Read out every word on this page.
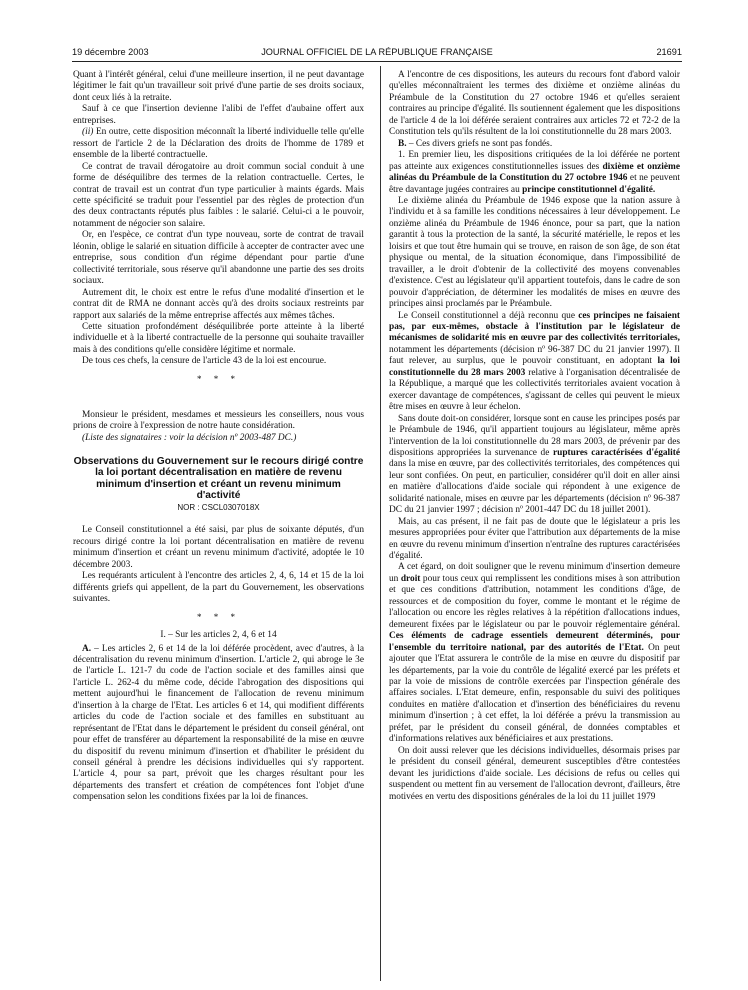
19 décembre 2003	JOURNAL OFFICIEL DE LA RÉPUBLIQUE FRANÇAISE	21691

Quant à l'intérêt général, celui d'une meilleure insertion, il ne peut davantage légitimer le fait qu'un travailleur soit privé d'une partie de ses droits sociaux, dont ceux liés à la retraite.

Sauf à ce que l'insertion devienne l'alibi de l'effet d'aubaine offert aux entreprises.

(ii) En outre, cette disposition méconnaît la liberté individuelle telle qu'elle ressort de l'article 2 de la Déclaration des droits de l'homme de 1789 et ensemble de la liberté contractuelle.

Ce contrat de travail dérogatoire au droit commun social conduit à une forme de déséquilibre des termes de la relation contractuelle. Certes, le contrat de travail est un contrat d'un type particulier à maints égards. Mais cette spécificité se traduit pour l'essentiel par des règles de protection d'un des deux contractants réputés plus faibles : le salarié. Celui-ci a le pouvoir, notamment de négocier son salaire.

Or, en l'espèce, ce contrat d'un type nouveau, sorte de contrat de travail léonin, oblige le salarié en situation difficile à accepter de contracter avec une entreprise, sous condition d'un régime dépendant pour partie d'une collectivité territoriale, sous réserve qu'il abandonne une partie des ses droits sociaux.

Autrement dit, le choix est entre le refus d'une modalité d'insertion et le contrat dit de RMA ne donnant accès qu'à des droits sociaux restreints par rapport aux salariés de la même entreprise affectés aux mêmes tâches.

Cette situation profondément déséquilibrée porte atteinte à la liberté individuelle et à la liberté contractuelle de la personne qui souhaite travailler mais à des conditions qu'elle considère légitime et normale.

De tous ces chefs, la censure de l'article 43 de la loi est encourue.

* * *

Monsieur le président, mesdames et messieurs les conseillers, nous vous prions de croire à l'expression de notre haute considération.

(Liste des signataires : voir la décision nº 2003-487 DC.)

Observations du Gouvernement sur le recours dirigé contre la loi portant décentralisation en matière de revenu minimum d'insertion et créant un revenu minimum d'activité
NOR : CSCL0307018X

Le Conseil constitutionnel a été saisi, par plus de soixante députés, d'un recours dirigé contre la loi portant décentralisation en matière de revenu minimum d'insertion et créant un revenu minimum d'activité, adoptée le 10 décembre 2003.

Les requérants articulent à l'encontre des articles 2, 4, 6, 14 et 15 de la loi différents griefs qui appellent, de la part du Gouvernement, les observations suivantes.

* * *
I. – Sur les articles 2, 4, 6 et 14

A. – Les articles 2, 6 et 14 de la loi déférée procèdent, avec d'autres, à la décentralisation du revenu minimum d'insertion. L'article 2, qui abroge le 3e de l'article L. 121-7 du code de l'action sociale et des familles ainsi que l'article L. 262-4 du même code, décide l'abrogation des dispositions qui mettent aujourd'hui le financement de l'allocation de revenu minimum d'insertion à la charge de l'Etat. Les articles 6 et 14, qui modifient différents articles du code de l'action sociale et des familles en substituant au représentant de l'Etat dans le département le président du conseil général, ont pour effet de transférer au département la responsabilité de la mise en œuvre du dispositif du revenu minimum d'insertion et d'habiliter le président du conseil général à prendre les décisions individuelles qui s'y rapportent. L'article 4, pour sa part, prévoit que les charges résultant pour les départements des transfert et création de compétences font l'objet d'une compensation selon les conditions fixées par la loi de finances.

A l'encontre de ces dispositions, les auteurs du recours font d'abord valoir qu'elles méconnaîtraient les termes des dixième et onzième alinéas du Préambule de la Constitution du 27 octobre 1946 et qu'elles seraient contraires au principe d'égalité. Ils soutiennent également que les dispositions de l'article 4 de la loi déférée seraient contraires aux articles 72 et 72-2 de la Constitution tels qu'ils résultent de la loi constitutionnelle du 28 mars 2003.

B. – Ces divers griefs ne sont pas fondés.

1. En premier lieu, les dispositions critiquées de la loi déférée ne portent pas atteinte aux exigences constitutionnelles issues des dixième et onzième alinéas du Préambule de la Constitution du 27 octobre 1946 et ne peuvent être davantage jugées contraires au principe constitutionnel d'égalité.

Le dixième alinéa du Préambule de 1946 expose que la nation assure à l'individu et à sa famille les conditions nécessaires à leur développement. Le onzième alinéa du Préambule de 1946 énonce, pour sa part, que la nation garantit à tous la protection de la santé, la sécurité matérielle, le repos et les loisirs et que tout être humain qui se trouve, en raison de son âge, de son état physique ou mental, de la situation économique, dans l'impossibilité de travailler, a le droit d'obtenir de la collectivité des moyens convenables d'existence. C'est au législateur qu'il appartient toutefois, dans le cadre de son pouvoir d'appréciation, de déterminer les modalités de mises en œuvre des principes ainsi proclamés par le Préambule.

Le Conseil constitutionnel a déjà reconnu que ces principes ne faisaient pas, par eux-mêmes, obstacle à l'institution par le législateur de mécanismes de solidarité mis en œuvre par des collectivités territoriales, notamment les départements (décision nº 96-387 DC du 21 janvier 1997). Il faut relever, au surplus, que le pouvoir constituant, en adoptant la loi constitutionnelle du 28 mars 2003 relative à l'organisation décentralisée de la République, a marqué que les collectivités territoriales avaient vocation à exercer davantage de compétences, s'agissant de celles qui peuvent le mieux être mises en œuvre à leur échelon.

Sans doute doit-on considérer, lorsque sont en cause les principes posés par le Préambule de 1946, qu'il appartient toujours au législateur, même après l'intervention de la loi constitutionnelle du 28 mars 2003, de prévenir par des dispositions appropriées la survenance de ruptures caractérisées d'égalité dans la mise en œuvre, par des collectivités territoriales, des compétences qui leur sont confiées. On peut, en particulier, considérer qu'il doit en aller ainsi en matière d'allocations d'aide sociale qui répondent à une exigence de solidarité nationale, mises en œuvre par les départements (décision nº 96-387 DC du 21 janvier 1997 ; décision nº 2001-447 DC du 18 juillet 2001).

Mais, au cas présent, il ne fait pas de doute que le législateur a pris les mesures appropriées pour éviter que l'attribution aux départements de la mise en œuvre du revenu minimum d'insertion n'entraîne des ruptures caractérisées d'égalité.

A cet égard, on doit souligner que le revenu minimum d'insertion demeure un droit pour tous ceux qui remplissent les conditions mises à son attribution et que ces conditions d'attribution, notamment les conditions d'âge, de ressources et de composition du foyer, comme le montant et le régime de l'allocation ou encore les règles relatives à la répétition d'allocations indues, demeurent fixées par le législateur ou par le pouvoir réglementaire général. Ces éléments de cadrage essentiels demeurent déterminés, pour l'ensemble du territoire national, par des autorités de l'Etat. On peut ajouter que l'Etat assurera le contrôle de la mise en œuvre du dispositif par les départements, par la voie du contrôle de légalité exercé par les préfets et par la voie de missions de contrôle exercées par l'inspection générale des affaires sociales. L'Etat demeure, enfin, responsable du suivi des politiques conduites en matière d'allocation et d'insertion des bénéficiaires du revenu minimum d'insertion ; à cet effet, la loi déférée a prévu la transmission au préfet, par le président du conseil général, de données comptables et d'informations relatives aux bénéficiaires et aux prestations.

On doit aussi relever que les décisions individuelles, désormais prises par le président du conseil général, demeurent susceptibles d'être contestées devant les juridictions d'aide sociale. Les décisions de refus ou celles qui suspendent ou mettent fin au versement de l'allocation devront, d'ailleurs, être motivées en vertu des dispositions générales de la loi du 11 juillet 1979
